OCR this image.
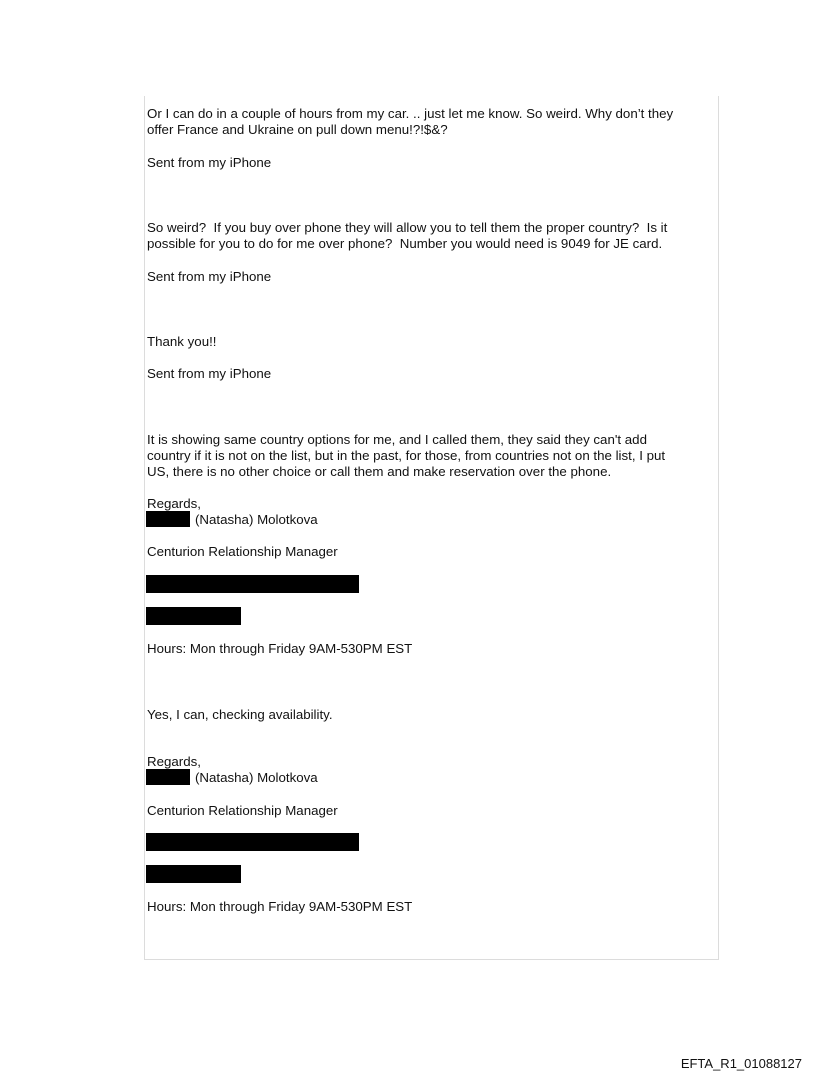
Or I can do in a couple of hours from my car. .. just let me know. So weird. Why don’t they
offer France and Ukraine on pull down menu!?!$&?
Sent from my iPhone
So weird?  If you buy over phone they will allow you to tell them the proper country?  Is it
possible for you to do for me over phone?  Number you would need is 9049 for JE card.
Sent from my iPhone
Thank you!!
Sent from my iPhone
It is showing same country options for me, and I called them, they said they can't add
country if it is not on the list, but in the past, for those, from countries not on the list, I put
US, there is no other choice or call them and make reservation over the phone.
Regards,
(Natasha) Molotkova
Centurion Relationship Manager
Hours: Mon through Friday 9AM-530PM EST
Yes, I can, checking availability.
Regards,
(Natasha) Molotkova
Centurion Relationship Manager
Hours: Mon through Friday 9AM-530PM EST
EFTA_R1_01088127
